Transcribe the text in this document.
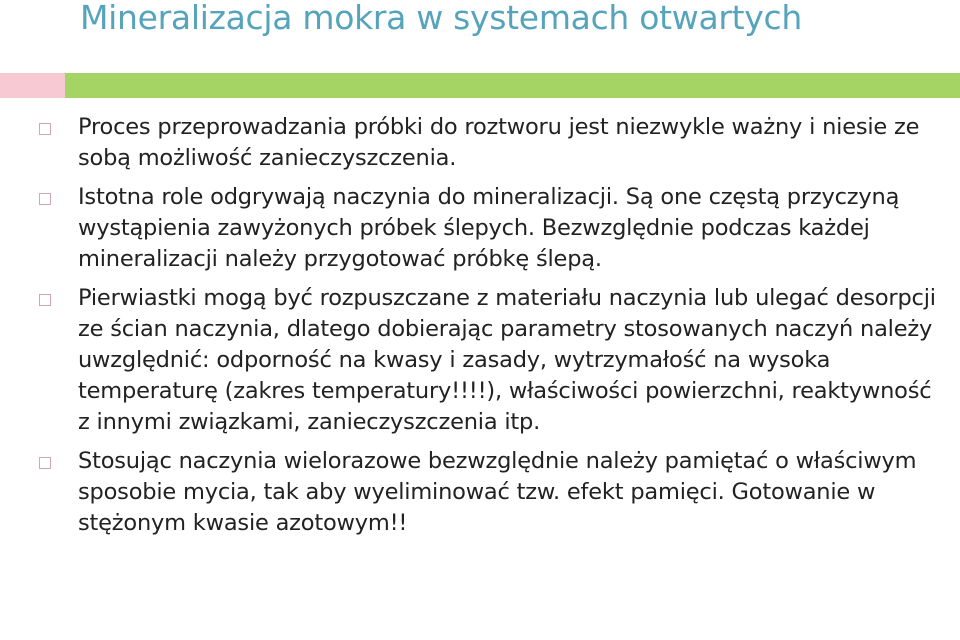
Mineralizacja mokra w systemach otwartych
Proces przeprowadzania próbki do roztworu jest niezwykle ważny i niesie ze sobą możliwość zanieczyszczenia.
Istotna role odgrywają naczynia do mineralizacji. Są one częstą przyczyną wystąpienia zawyżonych próbek ślepych. Bezwzględnie podczas każdej mineralizacji należy przygotować próbkę ślepą.
Pierwiastki mogą być rozpuszczane z materiału naczynia lub ulegać desorpcji ze ścian naczynia, dlatego dobierając parametry stosowanych naczyń należy uwzględnić: odporność na kwasy i zasady, wytrzymałość na wysoka temperaturę (zakres temperatury!!!!), właściwości powierzchni, reaktywność z innymi związkami, zanieczyszczenia itp.
Stosując naczynia wielorazowe bezwzględnie należy pamiętać o właściwym sposobie mycia, tak aby wyeliminować tzw. efekt pamięci. Gotowanie w stężonym kwasie azotowym!!
